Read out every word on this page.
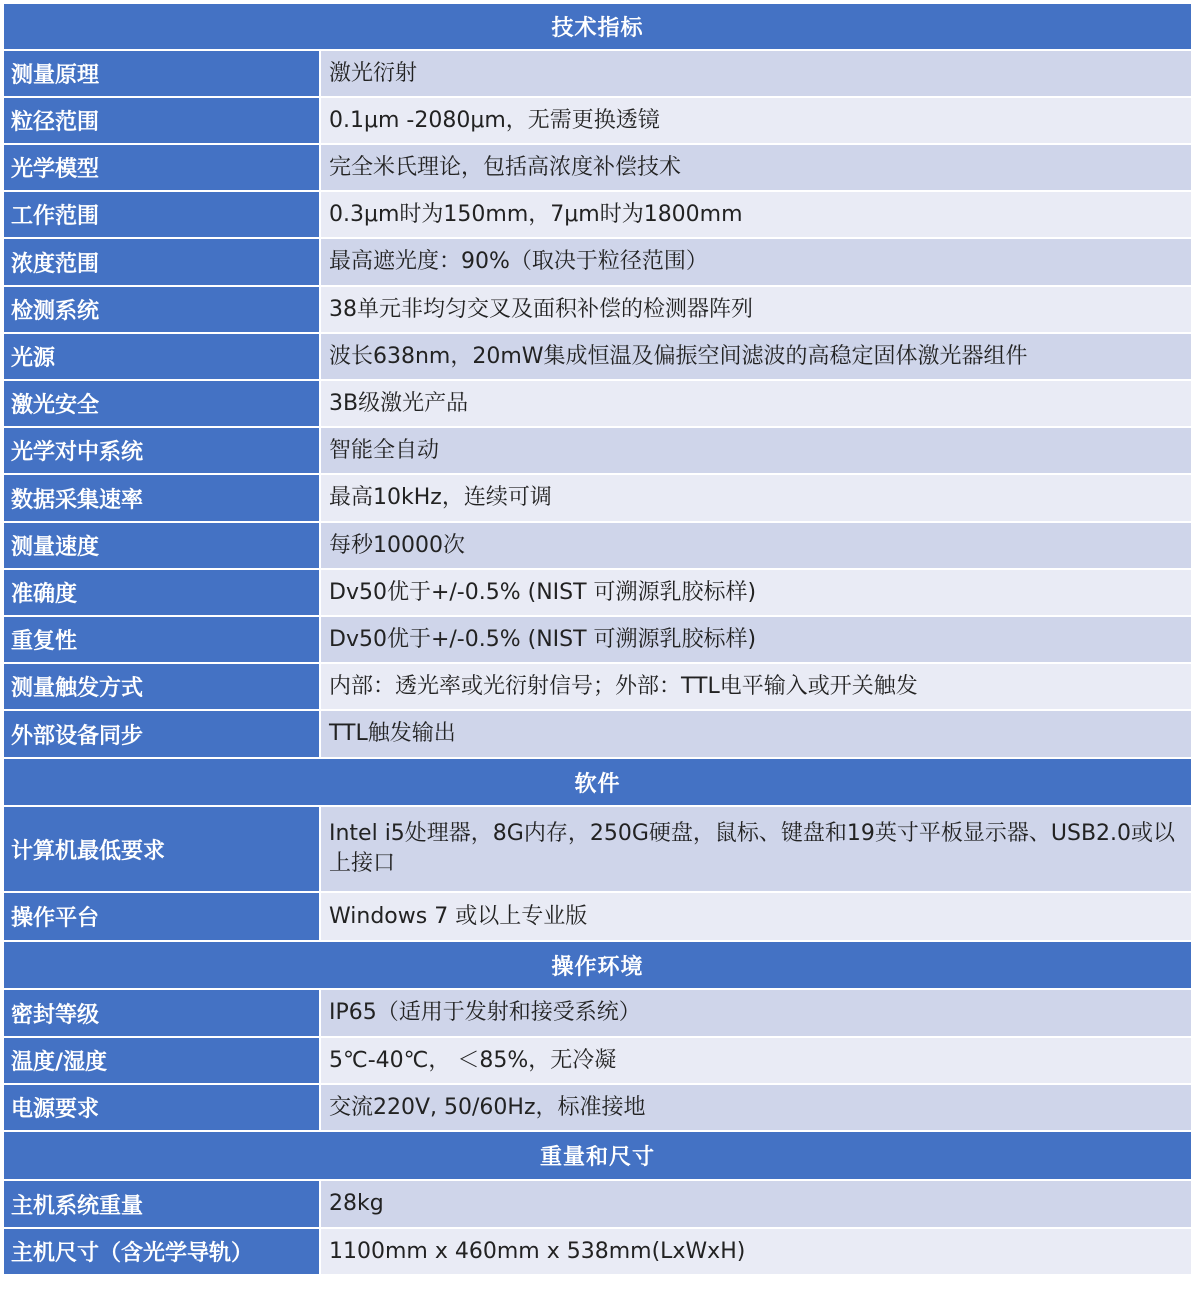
技术指标	
测量原理	激光衍射
粒径范围	0.1μm -2080μm，无需更换透镜
光学模型	完全米氏理论，包括高浓度补偿技术
工作范围	0.3μm时为150mm，7μm时为1800mm
浓度范围	最高遮光度：90%（取决于粒径范围）
检测系统	38单元非均匀交叉及面积补偿的检测器阵列
光源	波长638nm，20mW集成恒温及偏振空间滤波的高稳定固体激光器组件
激光安全	3B级激光产品
光学对中系统	智能全自动
数据采集速率	最高10kHz，连续可调
测量速度	每秒10000次
准确度	Dv50优于+/-0.5% (NIST 可溯源乳胶标样)
重复性	Dv50优于+/-0.5% (NIST 可溯源乳胶标样)
测量触发方式	内部：透光率或光衍射信号；外部：TTL电平输入或开关触发
外部设备同步	TTL触发输出
软件	
计算机最低要求	Intel i5处理器，8G内存，250G硬盘，鼠标、键盘和19英寸平板显示器、USB2.0或以上接口
操作平台	Windows 7 或以上专业版
操作环境	
密封等级	IP65（适用于发射和接受系统）
温度/湿度	5℃-40℃， ＜85%，无冷凝
电源要求	交流220V, 50/60Hz，标准接地
重量和尺寸	
主机系统重量	28kg
主机尺寸（含光学导轨）	1100mm x 460mm x 538mm(LxWxH)
